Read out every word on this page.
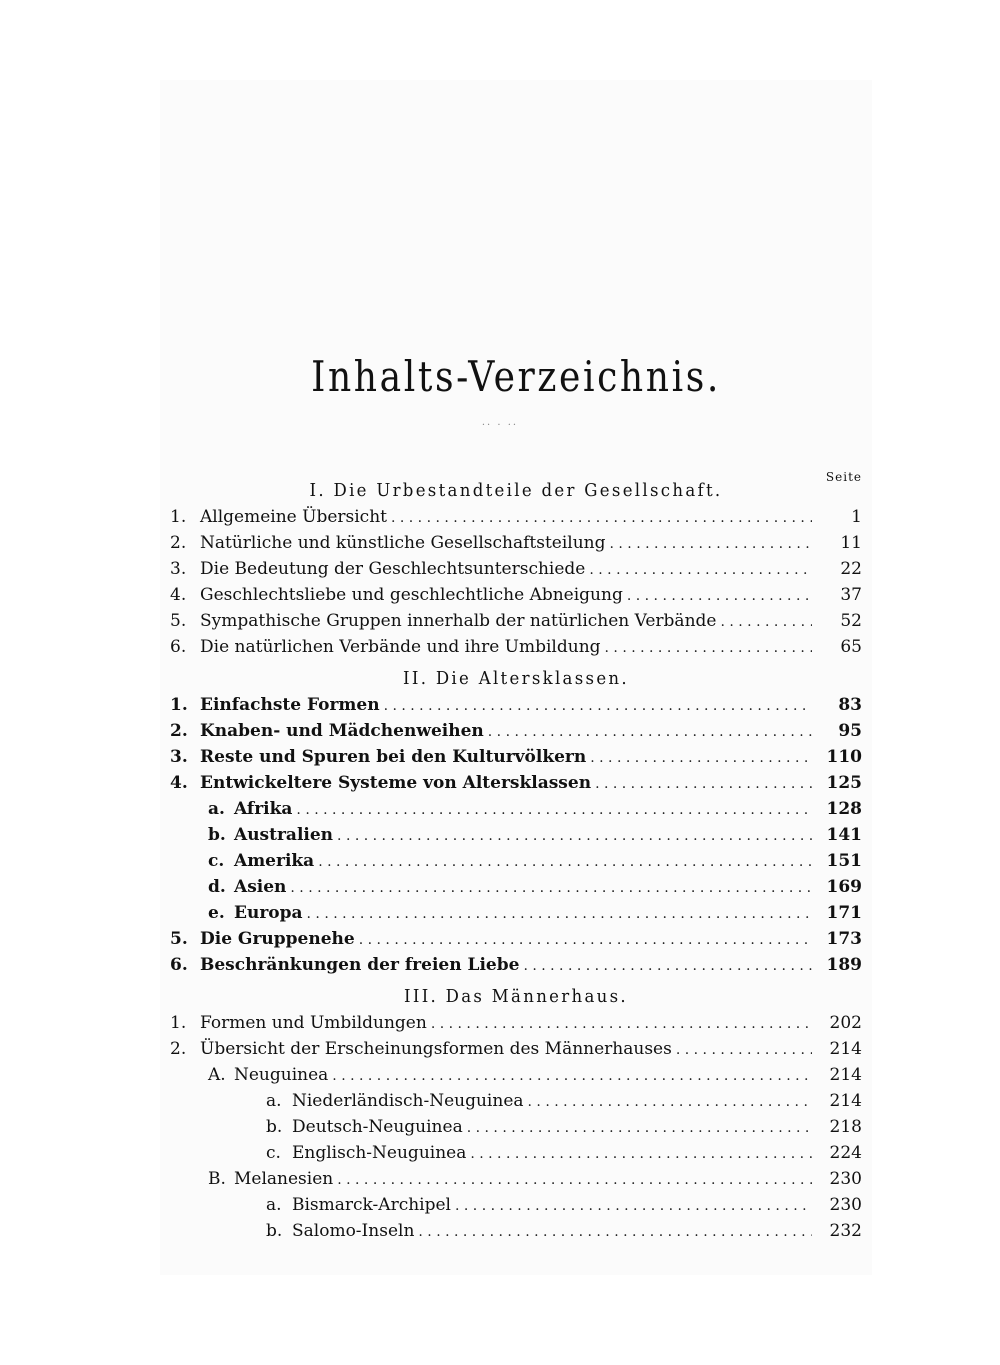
Inhalts-Verzeichnis.
·· · ··
Seite
I. Die Urbestandteile der Gesellschaft.
1. Allgemeine Übersicht . . .	1
2. Natürliche und künstliche Gesellschaftsteilung . . .	11
3. Die Bedeutung der Geschlechtsunterschiede . . .	22
4. Geschlechtsliebe und geschlechtliche Abneigung . . .	37
5. Sympathische Gruppen innerhalb der natürlichen Verbände . . .	52
6. Die natürlichen Verbände und ihre Umbildung . . .	65
II. Die Altersklassen.
1. Einfachste Formen . . .	83
2. Knaben- und Mädchenweihen . . .	95
3. Reste und Spuren bei den Kulturvölkern . . .	110
4. Entwickeltere Systeme von Altersklassen . . .	125
a. Afrika . . .	128
b. Australien . . .	141
c. Amerika . . .	151
d. Asien . . .	169
e. Europa . . .	171
5. Die Gruppenehe . . .	173
6. Beschränkungen der freien Liebe . . .	189
III. Das Männerhaus.
1. Formen und Umbildungen . . .	202
2. Übersicht der Erscheinungsformen des Männerhauses . . .	214
A. Neuguinea . . .	214
a. Niederländisch-Neuguinea . . .	214
b. Deutsch-Neuguinea . . .	218
c. Englisch-Neuguinea . . .	224
B. Melanesien . . .	230
a. Bismarck-Archipel . . .	230
b. Salomo-Inseln . . .	232
